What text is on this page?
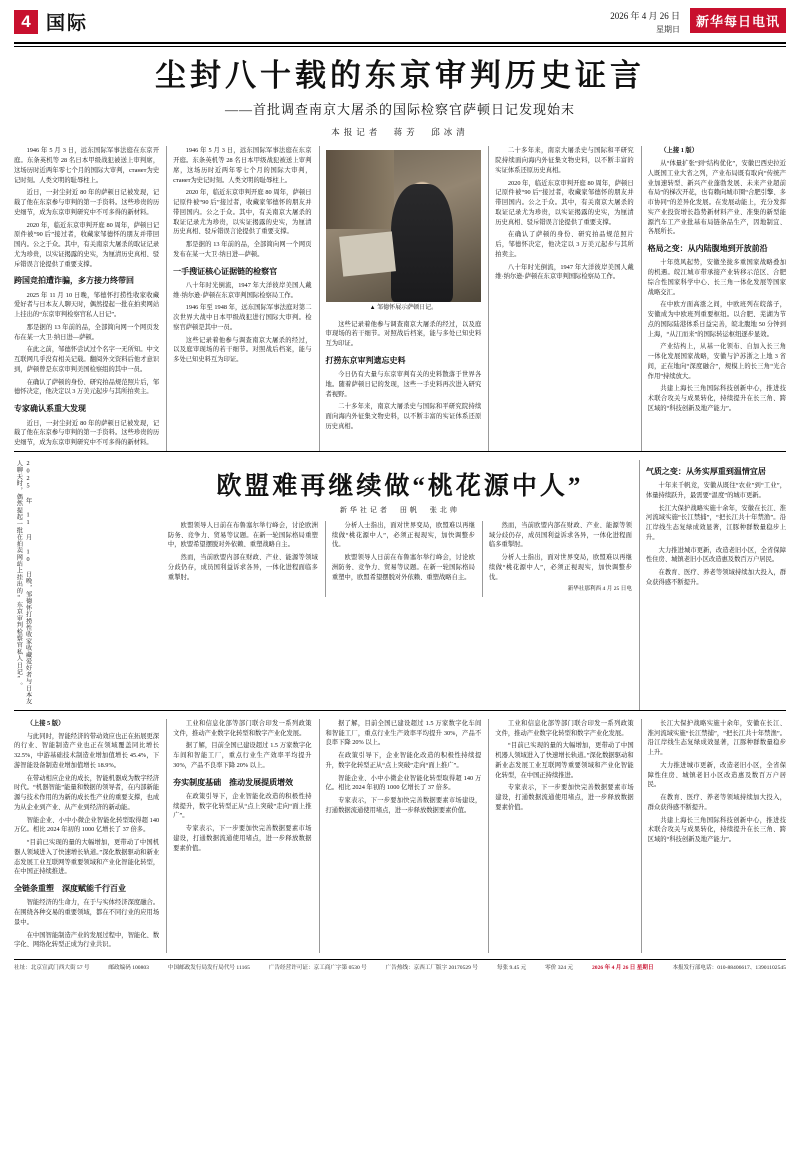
4 国际	2026 年 4 月 26 日
星期日	新华每日电讯
尘封八十载的东京审判历史证言
——首批调查南京大屠杀的国际检察官萨顿日记发现始末
本报记者　蒋芳　邱冰清

1946 年 5 月 3 日，远东国际军事法庭在东京开庭。东条英机等 28 名日本甲级战犯被送上审判席，这场历时近两年零七个月的国际大审判，станет为史记时刻。人类文明的耻辱柱上。

近日，一封尘封近 80 年的萨顿日记被发现，记载了他在东京参与审判的第一手资料。这些珍贵的历史细节，成为东京审判研究中不可多得的新材料。

2020 年，临近东京审判开庭 80 周年，萨顿日记原件被“90 后”接过者，收藏家邹德怀的朋友并带回国内。公之于众。其中，有关南京大屠杀的取证记录尤为珍贵，以实证揭露的史实，为厘清历史真相、驳斥错误言论提供了重要支撑。

跨国竞拍遭诈骗，多方接力终带回

2025 年 11 月 10 日晚，邹德怀打捞性收家收藏爱好者与日本友人聊天时，偶然提起一批在拍卖网站上挂出的“东京审判检察官私人日记”。

那是据的 13 年前的品，全部简向网一个网页发布在某一大卫·纳日进—萨顿。

在此之前，邹德怀尝试过个名字一无所知。中文互联网几乎没有相关记载。翻阅外文资料后他才意识到，萨顿曾是东京审判美国检察组的其中一员。

在确认了萨顿的身份、研究拍品规范照片后，邹德怀决定，他决定以 3 万美元起步与其所拍卖主。

专家确认系重大发现

近日，一封尘封近 80 年的萨顿日记被发现，记载了他在东京参与审判的第一手资料。这些珍贵的历史细节，成为东京审判研究中不可多得的新材料。

1946 年 5 月 3 日，远东国际军事法庭在东京开庭。东条英机等 28 名日本甲级战犯被送上审判席，这场历时近两年零七个月的国际大审判，станет为史记时刻。人类文明的耻辱柱上。

2020 年，临近东京审判开庭 80 周年，萨顿日记原件被“90 后”接过者，收藏家邹德怀的朋友并带回国内。公之于众。其中，有关南京大屠杀的取证记录尤为珍贵，以实证揭露的史实，为厘清历史真相、驳斥错误言论提供了重要支撑。

那是据的 13 年前的品，全部简向网一个网页发布在某一大卫·纳日进—萨顿。

一手搜证核心证据链的检察官

八十年时光倒流，1947 年大洋彼岸美国人戴维·纳尔逊·萨顿在东京审判国际检察局工作。

1946 年至 1948 年，远东国际军事法庭对第二次世界大战中日本甲级战犯进行国际大审判。检察官萨顿是其中一员。

这些记录着他参与调查南京大屠杀的经过，以及庭审现场的若干细节。对照战后档案，能与多处已知史料互为印证。

▲ 邹德怀展示萨顿日记。

这些记录着他参与调查南京大屠杀的经过，以及庭审现场的若干细节。对照战后档案，能与多处已知史料互为印证。

打捞东京审判遗忘史料

今日仍有大量与东京审判有关的史料散落于世界各地。随着萨顿日记的发现，这些一手史料再次进入研究者视野。

二十多年来，南京大屠杀史与国际和平研究院持续面向海内外征集文物史料，以不断丰富的实证体系还原历史真相。

二十多年来，南京大屠杀史与国际和平研究院持续面向海内外征集文物史料，以不断丰富的实证体系还原历史真相。

2020 年，临近东京审判开庭 80 周年，萨顿日记原件被“90 后”接过者，收藏家邹德怀的朋友并带回国内。公之于众。其中，有关南京大屠杀的取证记录尤为珍贵，以实证揭露的史实，为厘清历史真相、驳斥错误言论提供了重要支撑。

在确认了萨顿的身份、研究拍品规范照片后，邹德怀决定，他决定以 3 万美元起步与其所拍卖主。

八十年时光倒流，1947 年大洋彼岸美国人戴维·纳尔逊·萨顿在东京审判国际检察局工作。

（上接 1 版）

从“体量扩张”到“结构优化”，安徽巴西史拉近人既国工业大省之列，产业布局既有取向“传统产业加速转型、新兴产业蓬勃发展、未来产业超前布局”的梯次开花，也有赖向城市圈“合肥引擎、多市协同”的差异化发展。在发展动能上，充分发挥实产业投资增长趋势新材料产业、准集的新型能源汽车工产业批基布局链条品生产，因地制宜、各展所长。

格局之变：从内陆腹地到开放前沿

十年奠风起势，安徽坐拢多重国家战略叠加的机遇。皖江城市带承接产业转移示范区、合肥综合性国家科学中心、长三角一体化发展等国家战略交汇。

在中欧方面高涨之间，中欧班列在皖落子，安徽成为中欧班列重要枢纽。以合肥、芜湖为节点的国际陆港体系日益完善，皖北腹地 50 分钟到上海，“从江而来”的国际转运枢纽逐步显效。

产业结构上，从基一化领布、自加入长三角一体化发展国家战略，安徽与沪苏浙之上地 3 省间，正在地向“深度融合”，规模上的长三角“光合作用”持续放大。

共建上海长三角国际科技创新中心，推进技术联合攻关与成果转化，持续提升在长三角、跨区域的“科技创新及地产能力”。

2025 年 11 月 10 日晚，邹德怀打捞性收家收藏爱好者与日本友人聊天时，偶然提起一批在拍卖网站上挂出的“东京审判检察官私人日记”。	欧盟难再继续做“桃花源中人”
新华社记者　田帆　张北帅

欧盟领导人日前在布鲁塞尔举行峰会，讨论欧洲防务、竞争力、贸易等议题。在新一轮国际格局重塑中，欧盟希望摆脱对外依赖、重塑战略自主。

然而，当前欧盟内部在财政、产业、能源等领域分歧仍存，成员国利益诉求各异，一体化进程面临多重掣肘。

分析人士指出，面对世界变局，欧盟难以再继续做“桃花源中人”，必须正视现实，加快调整步伐。

欧盟领导人日前在布鲁塞尔举行峰会，讨论欧洲防务、竞争力、贸易等议题。在新一轮国际格局重塑中，欧盟希望摆脱对外依赖、重塑战略自主。

然而，当前欧盟内部在财政、产业、能源等领域分歧仍存，成员国利益诉求各异，一体化进程面临多重掣肘。

分析人士指出，面对世界变局，欧盟难以再继续做“桃花源中人”，必须正视现实，加快调整步伐。

新华社那利西 4 月 25 日电

气质之变：从务实厚重到温情宜居

十年来千帆竞，安徽从既往“农业”到“工业”，体量持续跃升，最需要“温度”的城市更新。

长江大保护战略实施十余年，安徽在长江、淮河流域实施“长江禁捕”，“把长江共十年禁渔”。沿江岸线生态复绿成效显著，江豚种群数量稳步上升。

大力推进城市更新，改造老旧小区，全省保障性住房、城镇老旧小区改造惠及数百万户居民。

在教育、医疗、养老等领域持续加大投入，群众获得感不断提升。

（上接 5 版）

与此同时，智能经济的带动效应也正在拓展更深的行业、智能制造产业也正在领域覆盖同比增长 32.5%，中游基础技术制造业增加值增长 45.4%，下游智能设备制造业增加值增长 18.9%。

在带动相应企业的成长，智能机器成为数字经济时代。“机器智能”能量和数据的领导者，在内部新能源与技术作用的为新的成长性产业的重要支撑，也成为从企业到产业、从产业到经济的新动能。

智能企业、小中小微企业智能化转型取得超 140 万亿。相比 2024 年初的 1000 亿增长了 37 倍多。

“目前已实现的量的大幅增加，更带动了中国机器人领域进入了快速增长轨道。”深化数据驱动和新业态发展工业互联网等重要领域和产业化智能化转型，在中国正持续推进。

全链条重塑　深度赋能千行百业

智能经济的生命力，在于与实体经济深度融合。在围绕各种交易的重要领域，都在不同行业的应用场景中。

在中国智能制造产业的发展过程中，智能化、数字化、网络化转型正成为行业共识。

工业和信息化部等部门联合印发一系列政策文件，推动产业数字化转型和数字产业化发展。

据了解，目前全国已建设超过 1.5 万家数字化车间和智能工厂，重点行业生产效率平均提升 30%，产品不良率下降 20% 以上。

夯实制度基础　推动发展提质增效

在政策引导下，企业智能化改造的积极性持续提升，数字化转型正从“点上突破”走向“面上推广”。

专家表示，下一步要加快完善数据要素市场建设，打通数据流通使用堵点，进一步释放数据要素价值。

据了解，目前全国已建设超过 1.5 万家数字化车间和智能工厂，重点行业生产效率平均提升 30%，产品不良率下降 20% 以上。

在政策引导下，企业智能化改造的积极性持续提升，数字化转型正从“点上突破”走向“面上推广”。

智能企业、小中小微企业智能化转型取得超 140 万亿。相比 2024 年初的 1000 亿增长了 37 倍多。

专家表示，下一步要加快完善数据要素市场建设，打通数据流通使用堵点，进一步释放数据要素价值。

工业和信息化部等部门联合印发一系列政策文件，推动产业数字化转型和数字产业化发展。

“目前已实现的量的大幅增加，更带动了中国机器人领域进入了快速增长轨道。”深化数据驱动和新业态发展工业互联网等重要领域和产业化智能化转型，在中国正持续推进。

专家表示，下一步要加快完善数据要素市场建设，打通数据流通使用堵点，进一步释放数据要素价值。

长江大保护战略实施十余年，安徽在长江、淮河流域实施“长江禁捕”，“把长江共十年禁渔”。沿江岸线生态复绿成效显著，江豚种群数量稳步上升。

大力推进城市更新，改造老旧小区，全省保障性住房、城镇老旧小区改造惠及数百万户居民。

在教育、医疗、养老等领域持续加大投入，群众获得感不断提升。

共建上海长三角国际科技创新中心，推进技术联合攻关与成果转化，持续提升在长三角、跨区域的“科技创新及地产能力”。

社址：北京宣武门西大街 57 号	邮政编码 100803	中国邮政发行局发行局代号 11165	广告经营许可证：京工商广字第 0530 号	广告热线：京西工厂版字 20170529 号	每张 9.45 元	零价 324 元	2026 年 4 月 26 日 星期日	本报发行部电话：010-88406617、13901102545
